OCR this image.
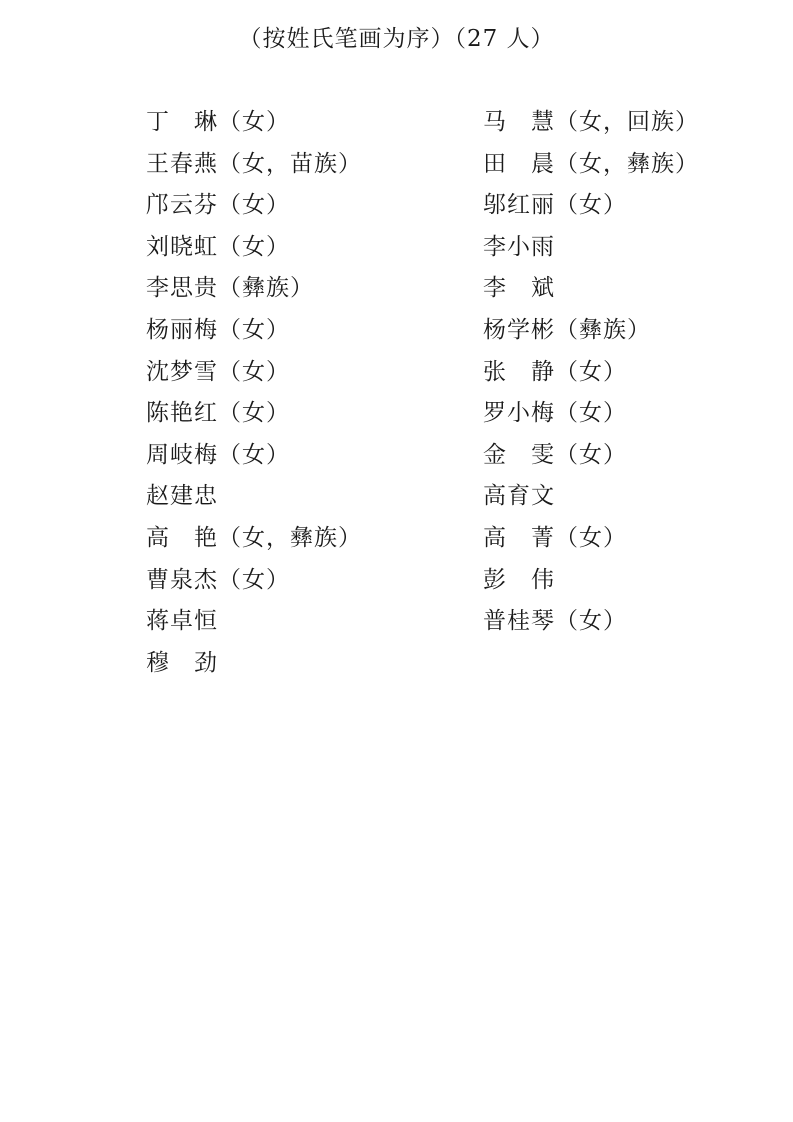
（按姓氏笔画为序）（27 人）
丁　琳（女）
王春燕（女，苗族）
邝云芬（女）
刘晓虹（女）
李思贵（彝族）
杨丽梅（女）
沈梦雪（女）
陈艳红（女）
周岐梅（女）
赵建忠
高　艳（女，彝族）
曹泉杰（女）
蒋卓恒
穆　劲
马　慧（女，回族）
田　晨（女，彝族）
邬红丽（女）
李小雨
李　斌
杨学彬（彝族）
张　静（女）
罗小梅（女）
金　雯（女）
高育文
高　菁（女）
彭　伟
普桂琴（女）
